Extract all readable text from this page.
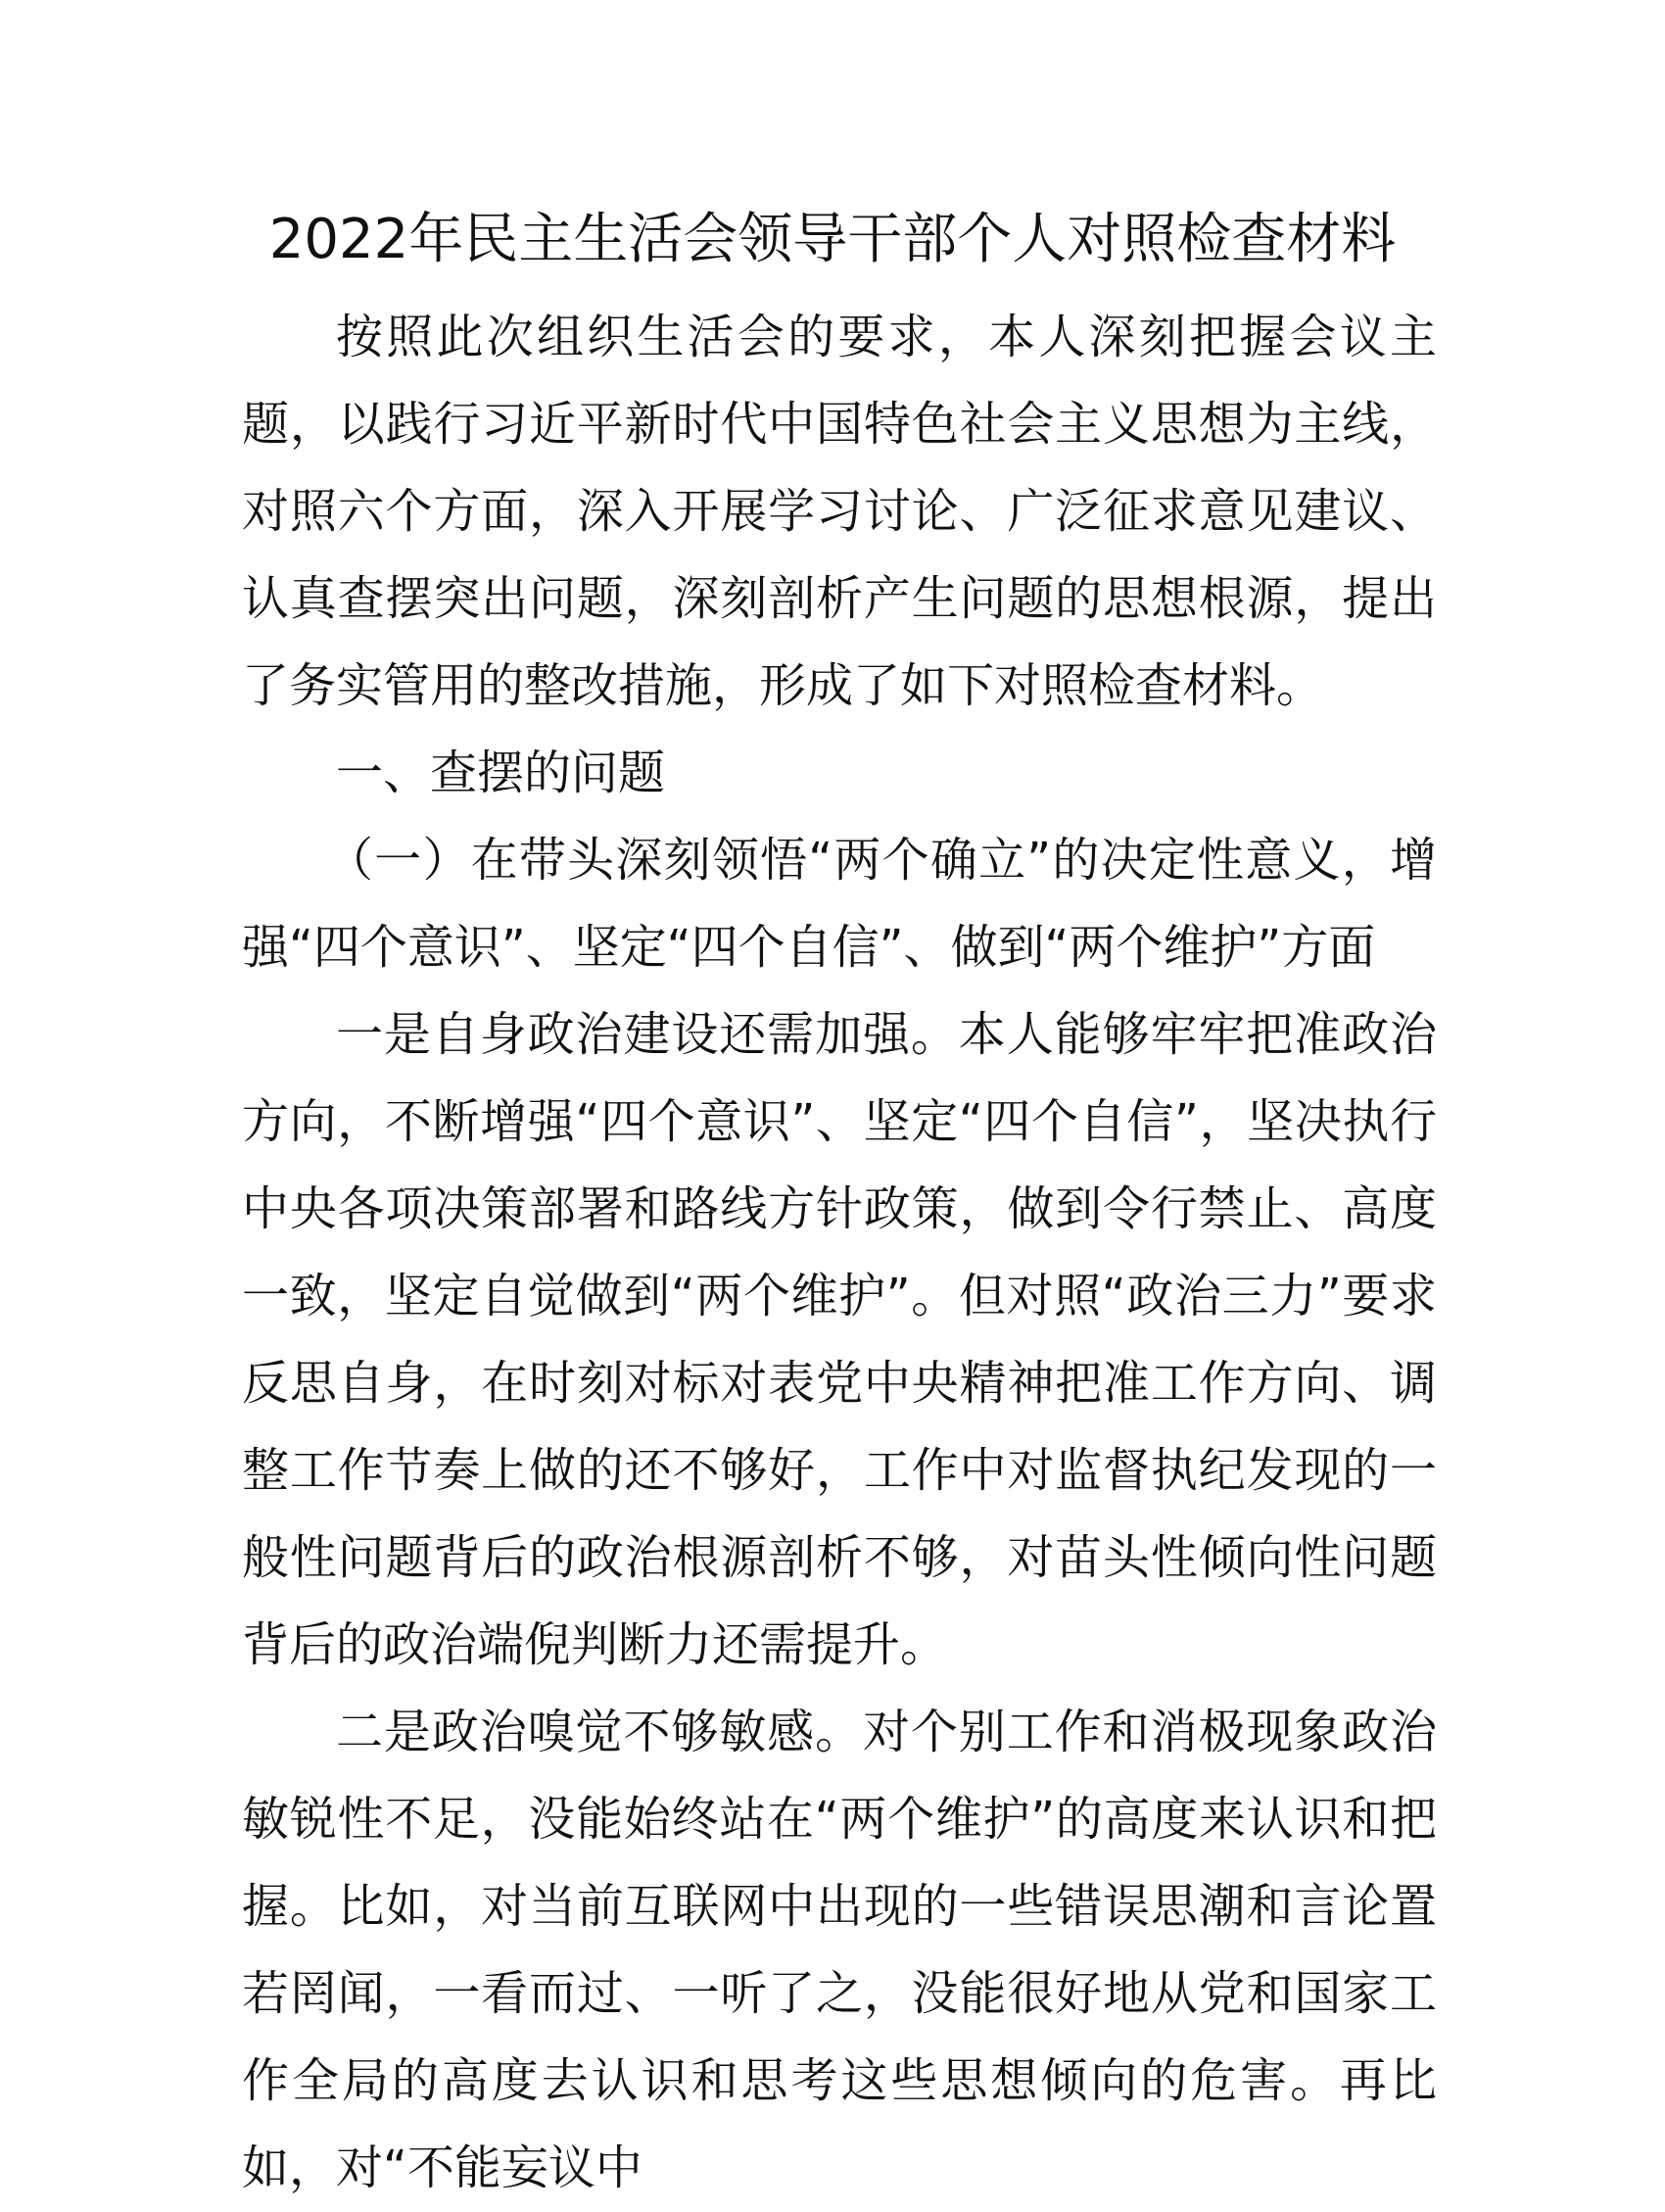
2022年民主生活会领导干部个人对照检查材料

按照此次组织生活会的要求，本人深刻把握会议主题，以践行习近平新时代中国特色社会主义思想为主线，对照六个方面，深入开展学习讨论、广泛征求意见建议、认真查摆突出问题，深刻剖析产生问题的思想根源，提出了务实管用的整改措施，形成了如下对照检查材料。

一、查摆的问题

（一）在带头深刻领悟“两个确立”的决定性意义，增强“四个意识”、坚定“四个自信”、做到“两个维护”方面

一是自身政治建设还需加强。本人能够牢牢把准政治方向，不断增强“四个意识”、坚定“四个自信”，坚决执行中央各项决策部署和路线方针政策，做到令行禁止、高度一致，坚定自觉做到“两个维护”。但对照“政治三力”要求反思自身，在时刻对标对表党中央精神把准工作方向、调整工作节奏上做的还不够好，工作中对监督执纪发现的一般性问题背后的政治根源剖析不够，对苗头性倾向性问题背后的政治端倪判断力还需提升。

二是政治嗅觉不够敏感。对个别工作和消极现象政治敏锐性不足，没能始终站在“两个维护”的高度来认识和把握。比如，对当前互联网中出现的一些错误思潮和言论置若罔闻，一看而过、一听了之，没能很好地从党和国家工作全局的高度去认识和思考这些思想倾向的危害。再比如，对“不能妄议中
